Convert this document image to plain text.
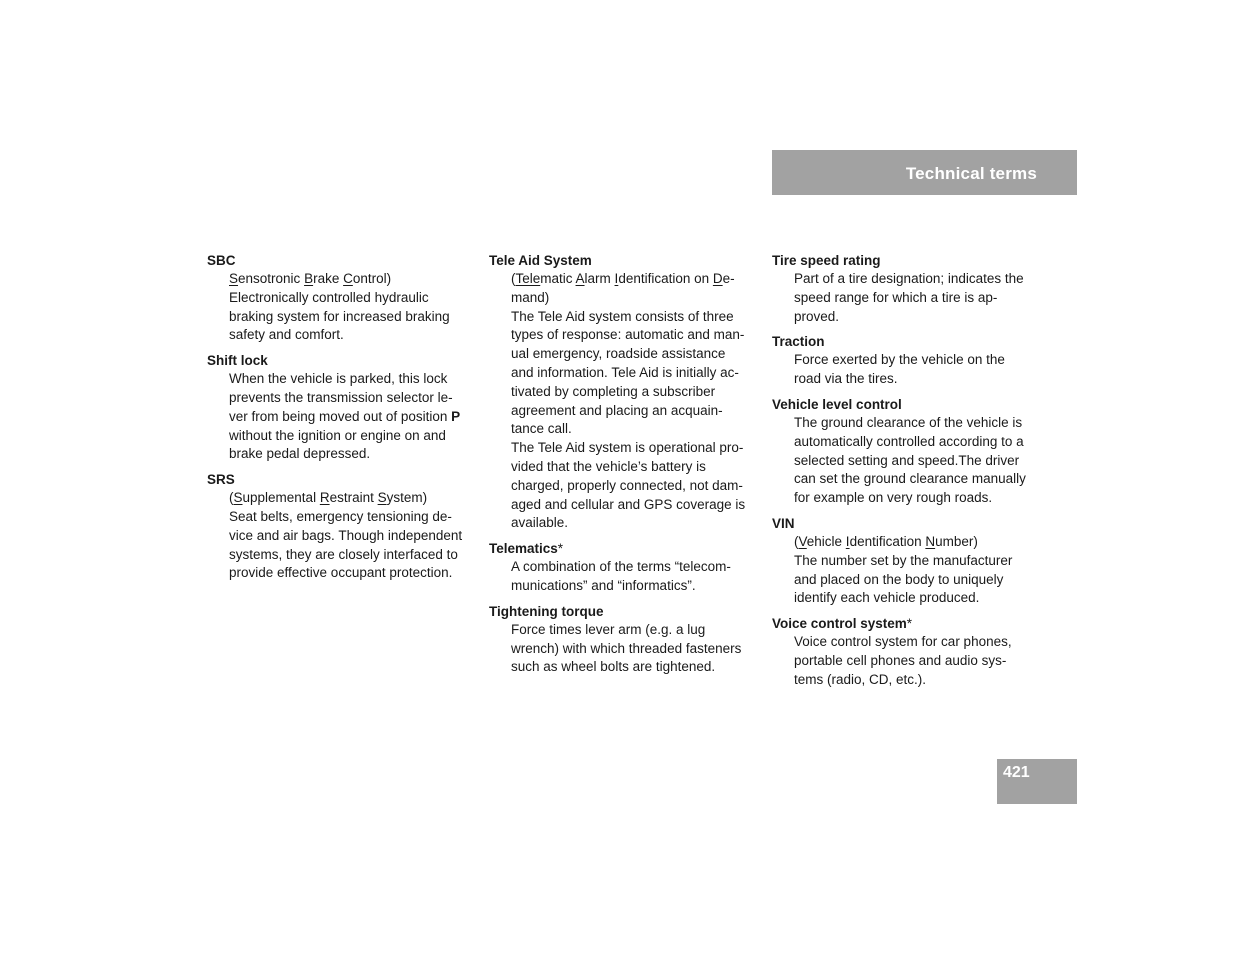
Technical terms
SBC

Sensotronic Brake Control)

Electronically controlled hydraulic

braking system for increased braking

safety and comfort.

Shift lock

When the vehicle is parked, this lock

prevents the transmission selector le-

ver from being moved out of position P

without the ignition or engine on and

brake pedal depressed.

SRS

(Supplemental Restraint System)

Seat belts, emergency tensioning de-

vice and air bags. Though independent

systems, they are closely interfaced to

provide effective occupant protection.

Tele Aid System

(Telematic Alarm Identification on De-

mand)

The Tele Aid system consists of three

types of response: automatic and man-

ual emergency, roadside assistance

and information. Tele Aid is initially ac-

tivated by completing a subscriber

agreement and placing an acquain-

tance call.

The Tele Aid system is operational pro-

vided that the vehicle’s battery is

charged, properly connected, not dam-

aged and cellular and GPS coverage is

available.

Telematics*

A combination of the terms “telecom-

munications” and “informatics”.

Tightening torque

Force times lever arm (e.g. a lug

wrench) with which threaded fasteners

such as wheel bolts are tightened.

Tire speed rating

Part of a tire designation; indicates the

speed range for which a tire is ap-

proved.

Traction

Force exerted by the vehicle on the

road via the tires.

Vehicle level control

The ground clearance of the vehicle is

automatically controlled according to a

selected setting and speed.The driver

can set the ground clearance manually

for example on very rough roads.

VIN

(Vehicle Identification Number)

The number set by the manufacturer

and placed on the body to uniquely

identify each vehicle produced.

Voice control system*

Voice control system for car phones,

portable cell phones and audio sys-

tems (radio, CD, etc.).

421
